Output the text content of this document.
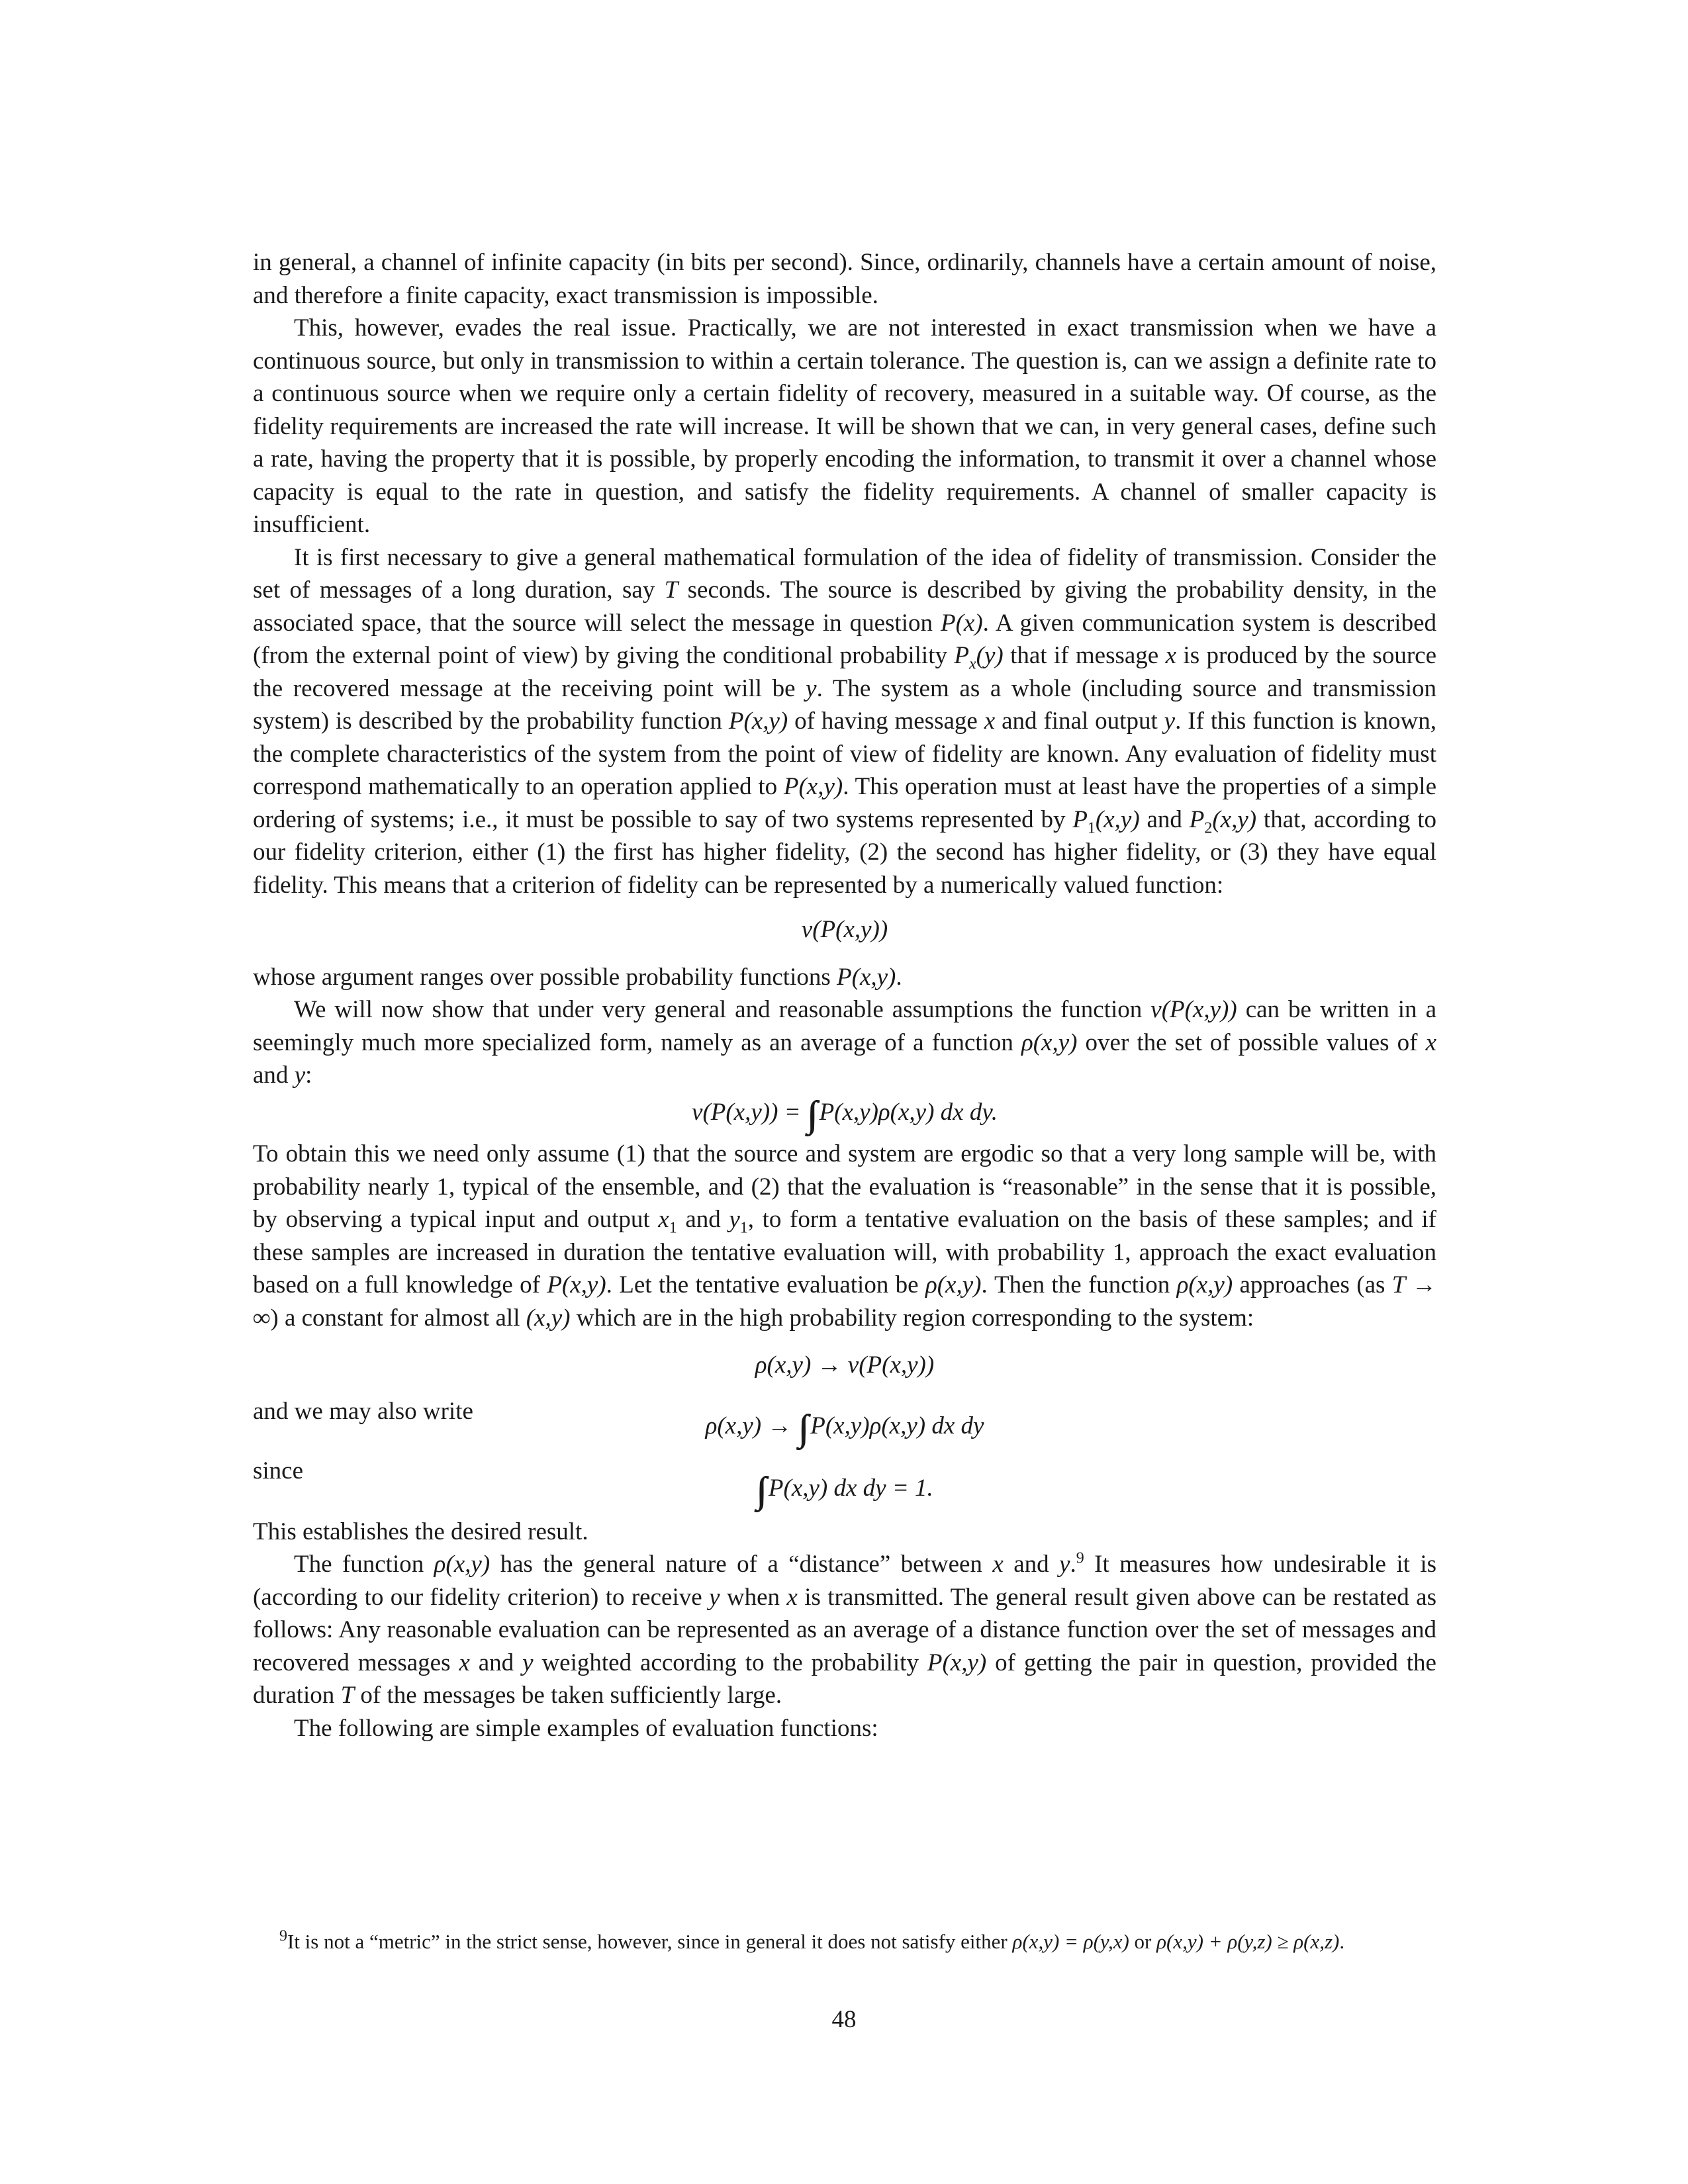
in general, a channel of infinite capacity (in bits per second). Since, ordinarily, channels have a certain amount of noise, and therefore a finite capacity, exact transmission is impossible.

This, however, evades the real issue. Practically, we are not interested in exact transmission when we have a continuous source, but only in transmission to within a certain tolerance. The question is, can we assign a definite rate to a continuous source when we require only a certain fidelity of recovery, measured in a suitable way. Of course, as the fidelity requirements are increased the rate will increase. It will be shown that we can, in very general cases, define such a rate, having the property that it is possible, by properly encoding the information, to transmit it over a channel whose capacity is equal to the rate in question, and satisfy the fidelity requirements. A channel of smaller capacity is insufficient.

It is first necessary to give a general mathematical formulation of the idea of fidelity of transmission. Consider the set of messages of a long duration, say T seconds. The source is described by giving the probability density, in the associated space, that the source will select the message in question P(x). A given communication system is described (from the external point of view) by giving the conditional probability $P_x(y)$ that if message x is produced by the source the recovered message at the receiving point will be y. The system as a whole (including source and transmission system) is described by the probability function P(x,y) of having message x and final output y. If this function is known, the complete characteristics of the system from the point of view of fidelity are known. Any evaluation of fidelity must correspond mathematically to an operation applied to P(x,y). This operation must at least have the properties of a simple ordering of systems; i.e., it must be possible to say of two systems represented by $P_1(x,y)$ and $P_2(x,y)$ that, according to our fidelity criterion, either (1) the first has higher fidelity, (2) the second has higher fidelity, or (3) they have equal fidelity. This means that a criterion of fidelity can be represented by a numerically valued function:

v(P(x,y))

whose argument ranges over possible probability functions P(x,y).

We will now show that under very general and reasonable assumptions the function v(P(x,y)) can be written in a seemingly much more specialized form, namely as an average of a function ρ(x,y) over the set of possible values of x and y:

v(P(x,y)) = ∫∫ P(x,y)ρ(x,y) dx dy.

To obtain this we need only assume (1) that the source and system are ergodic so that a very long sample will be, with probability nearly 1, typical of the ensemble, and (2) that the evaluation is “reasonable” in the sense that it is possible, by observing a typical input and output $x_1$ and $y_1$, to form a tentative evaluation on the basis of these samples; and if these samples are increased in duration the tentative evaluation will, with probability 1, approach the exact evaluation based on a full knowledge of P(x,y). Let the tentative evaluation be ρ(x,y). Then the function ρ(x,y) approaches (as T → ∞) a constant for almost all (x,y) which are in the high probability region corresponding to the system:

ρ(x,y) → v(P(x,y))
and we may also write
ρ(x,y) → ∫∫ P(x,y)ρ(x,y) dx dy
since	∫∫ P(x,y) dx dy = 1.

This establishes the desired result.

The function ρ(x,y) has the general nature of a “distance” between x and y.$^9$ It measures how undesirable it is (according to our fidelity criterion) to receive y when x is transmitted. The general result given above can be restated as follows: Any reasonable evaluation can be represented as an average of a distance function over the set of messages and recovered messages x and y weighted according to the probability P(x,y) of getting the pair in question, provided the duration T of the messages be taken sufficiently large.

The following are simple examples of evaluation functions:

$^9$It is not a “metric” in the strict sense, however, since in general it does not satisfy either ρ(x,y) = ρ(y,x) or ρ(x,y) + ρ(y,z) ≥ ρ(x,z).
48
